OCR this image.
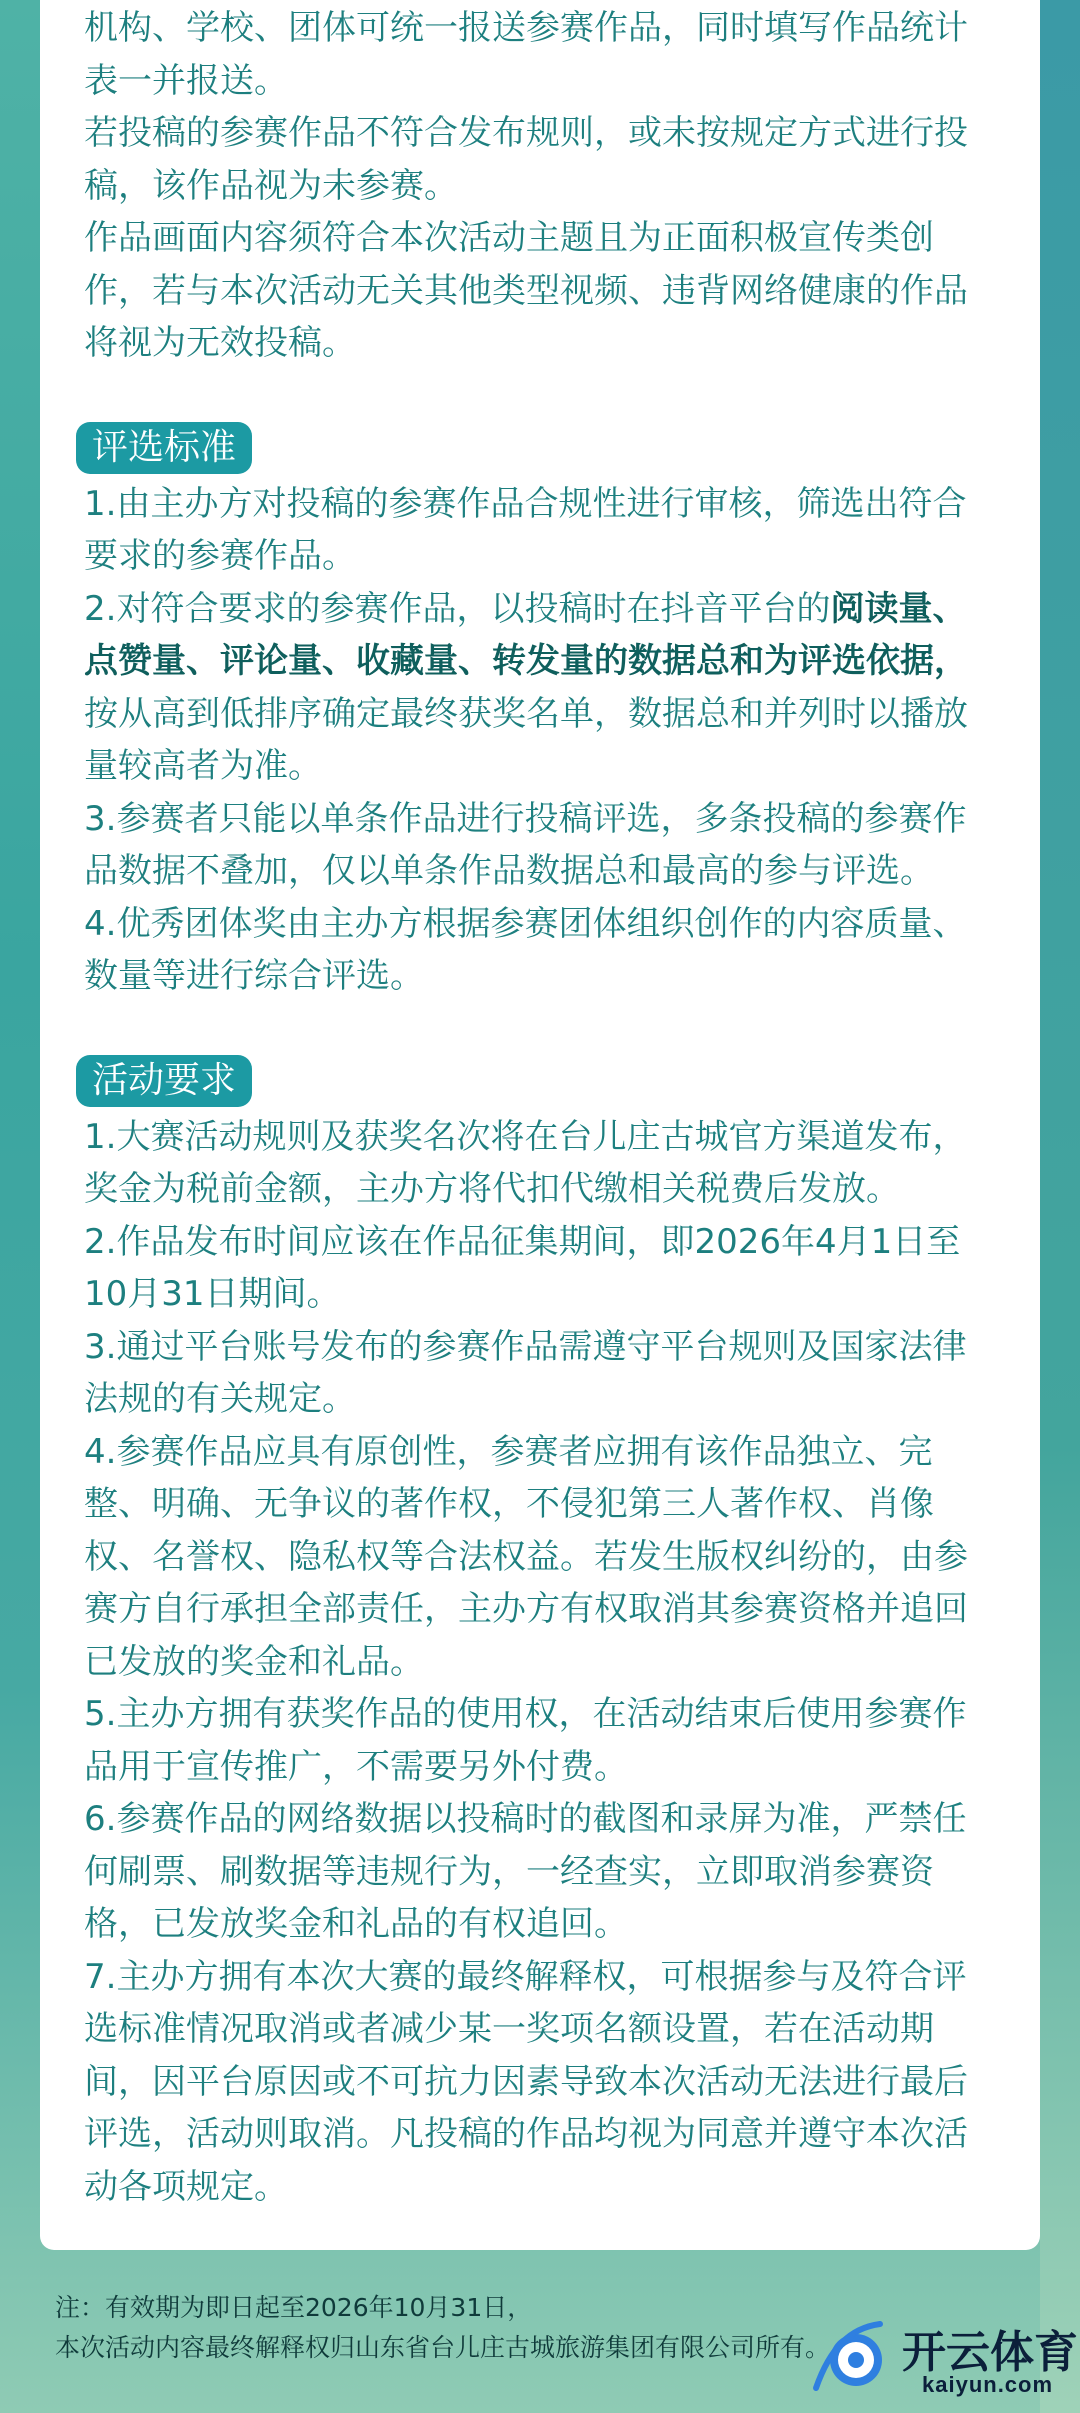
机构、学校、团体可统一报送参赛作品，同时填写作品统计表一并报送。

若投稿的参赛作品不符合发布规则，或未按规定方式进行投稿，该作品视为未参赛。

作品画面内容须符合本次活动主题且为正面积极宣传类创作，若与本次活动无关其他类型视频、违背网络健康的作品将视为无效投稿。

评选标准

1.由主办方对投稿的参赛作品合规性进行审核，筛选出符合要求的参赛作品。

2.对符合要求的参赛作品，以投稿时在抖音平台的阅读量、点赞量、评论量、收藏量、转发量的数据总和为评选依据，按从高到低排序确定最终获奖名单，数据总和并列时以播放量较高者为准。

3.参赛者只能以单条作品进行投稿评选，多条投稿的参赛作品数据不叠加，仅以单条作品数据总和最高的参与评选。

4.优秀团体奖由主办方根据参赛团体组织创作的内容质量、数量等进行综合评选。

活动要求

1.大赛活动规则及获奖名次将在台儿庄古城官方渠道发布，奖金为税前金额，主办方将代扣代缴相关税费后发放。

2.作品发布时间应该在作品征集期间，即2026年4月1日至10月31日期间。

3.通过平台账号发布的参赛作品需遵守平台规则及国家法律法规的有关规定。

4.参赛作品应具有原创性，参赛者应拥有该作品独立、完整、明确、无争议的著作权，不侵犯第三人著作权、肖像权、名誉权、隐私权等合法权益。若发生版权纠纷的，由参赛方自行承担全部责任，主办方有权取消其参赛资格并追回已发放的奖金和礼品。

5.主办方拥有获奖作品的使用权，在活动结束后使用参赛作品用于宣传推广，不需要另外付费。

6.参赛作品的网络数据以投稿时的截图和录屏为准，严禁任何刷票、刷数据等违规行为，一经查实，立即取消参赛资格，已发放奖金和礼品的有权追回。

7.主办方拥有本次大赛的最终解释权，可根据参与及符合评选标准情况取消或者减少某一奖项名额设置，若在活动期间，因平台原因或不可抗力因素导致本次活动无法进行最后评选，活动则取消。凡投稿的作品均视为同意并遵守本次活动各项规定。

注：有效期为即日起至2026年10月31日，
本次活动内容最终解释权归山东省台儿庄古城旅游集团有限公司所有。 开云体育
kaiyun.com
